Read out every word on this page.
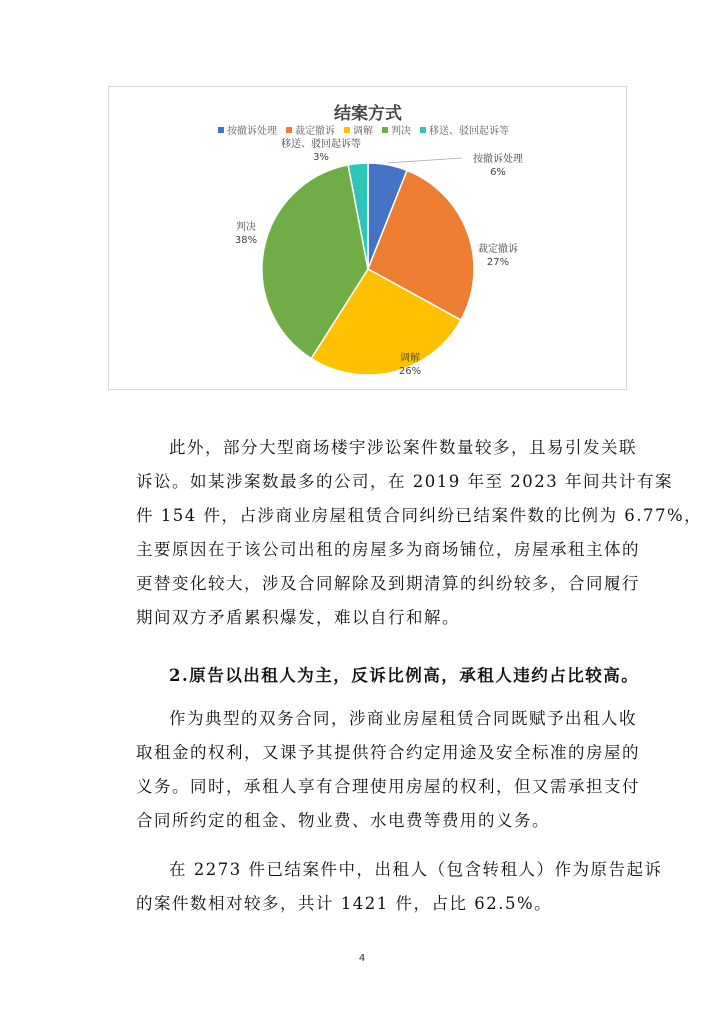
结案方式
按撤诉处理 裁定撤诉 调解 判决 移送、驳回起诉等
按撤诉处理
6%
裁定撤诉
27%
调解
26%
判决
38%
移送、驳回起诉等
3%
此外，部分大型商场楼宇涉讼案件数量较多，且易引发关联
诉讼。如某涉案数最多的公司，在 2019 年至 2023 年间共计有案
件 154 件，占涉商业房屋租赁合同纠纷已结案件数的比例为 6.77%，
主要原因在于该公司出租的房屋多为商场铺位，房屋承租主体的
更替变化较大，涉及合同解除及到期清算的纠纷较多，合同履行
期间双方矛盾累积爆发，难以自行和解。

2.原告以出租人为主，反诉比例高，承租人违约占比较高。

作为典型的双务合同，涉商业房屋租赁合同既赋予出租人收
取租金的权利，又课予其提供符合约定用途及安全标准的房屋的
义务。同时，承租人享有合理使用房屋的权利，但又需承担支付
合同所约定的租金、物业费、水电费等费用的义务。
在 2273 件已结案件中，出租人（包含转租人）作为原告起诉
的案件数相对较多，共计 1421 件，占比 62.5%。
4
